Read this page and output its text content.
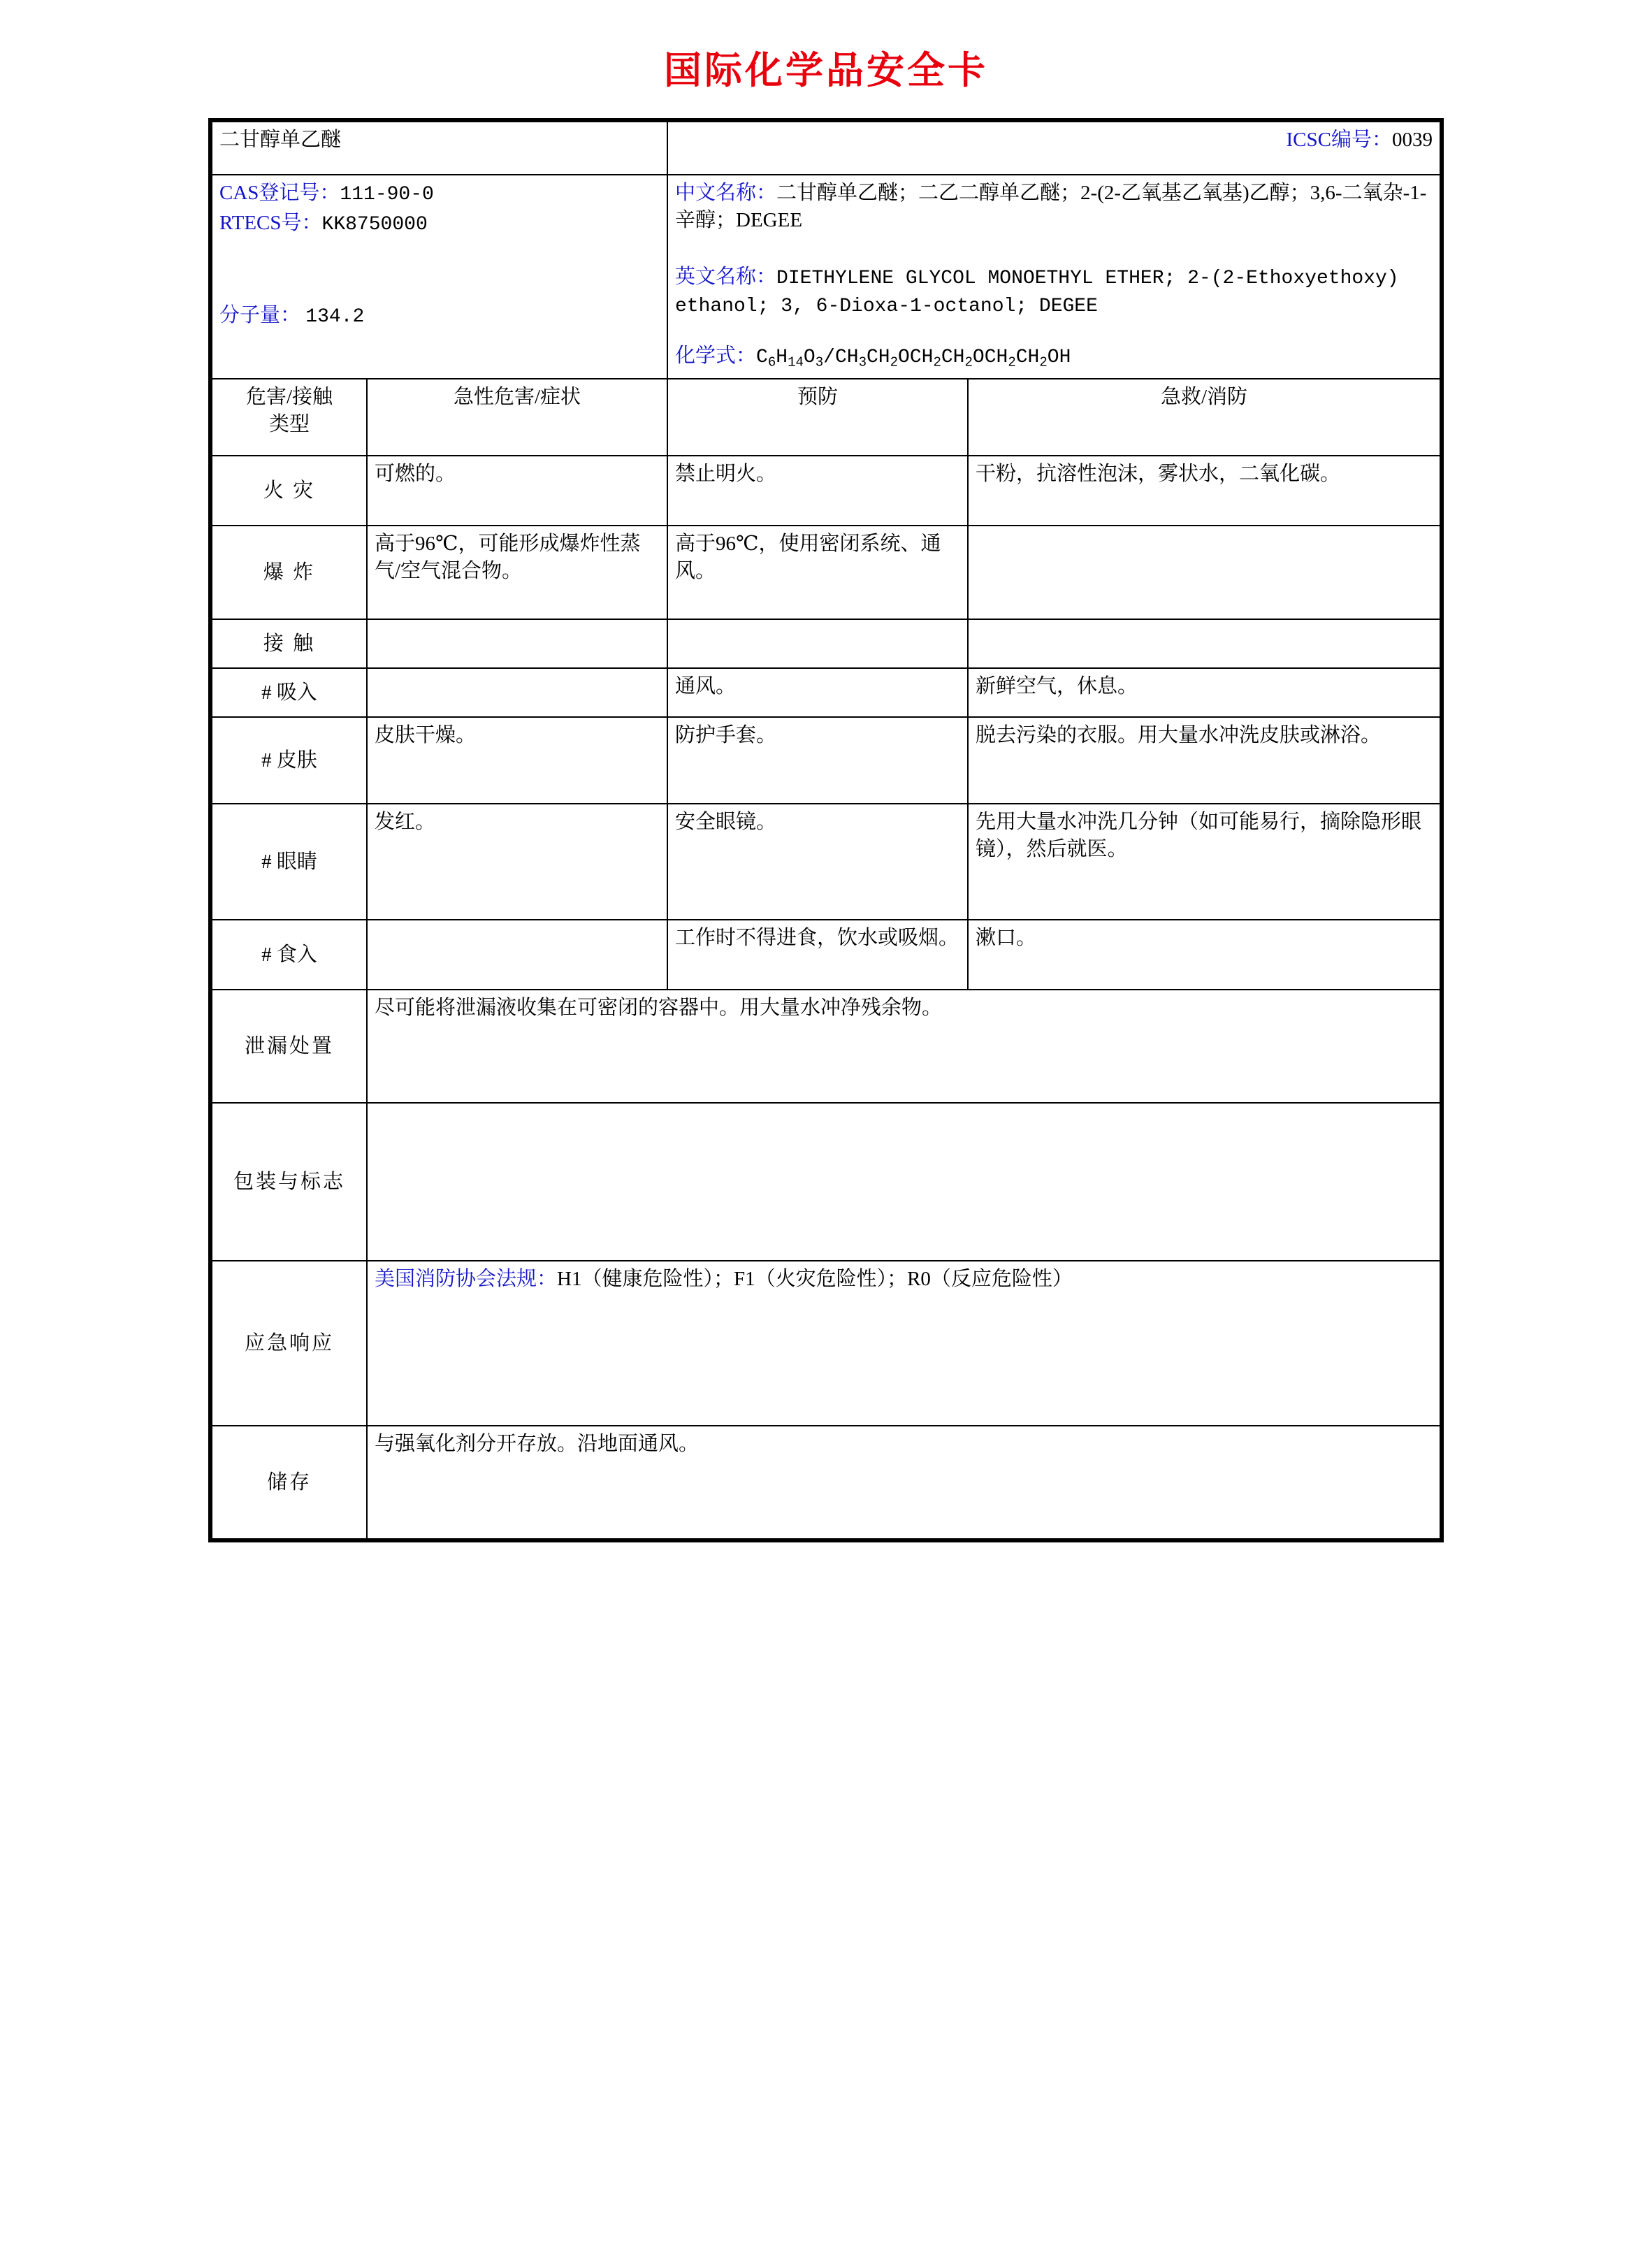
国际化学品安全卡
二甘醇单乙醚		ICSC编号：0039	

CAS登记号：111-90-0
RTECS号：KK8750000
分子量： 134.2

中文名称：二甘醇单乙醚；二乙二醇单乙醚；2-(2-乙氧基乙氧基)乙醇；3,6-二氧杂-1-辛醇；DEGEE

英文名称：DIETHYLENE GLYCOL MONOETHYL ETHER; 2-(2-Ethoxyethoxy) ethanol; 3, 6-Dioxa-1-octanol; DEGEE

化学式：$C_6H_{14}O_3/CH_3CH_2OCH_2CH_2OCH_2CH_2OH$

危害/接触
类型	急性危害/症状	预防	急救/消防
火 灾	可燃的。	禁止明火。	干粉，抗溶性泡沫，雾状水，二氧化碳。
爆 炸	高于96℃，可能形成爆炸性蒸气/空气混合物。	高于96℃，使用密闭系统、通风。	
接 触			
# 吸入		通风。	新鲜空气，休息。
# 皮肤	皮肤干燥。	防护手套。	脱去污染的衣服。用大量水冲洗皮肤或淋浴。
# 眼睛	发红。	安全眼镜。	先用大量水冲洗几分钟（如可能易行，摘除隐形眼镜），然后就医。
# 食入		工作时不得进食，饮水或吸烟。	漱口。
泄漏处置	尽可能将泄漏液收集在可密闭的容器中。用大量水冲净残余物。		
包装与标志			
应急响应	美国消防协会法规：H1（健康危险性）；F1（火灾危险性）；R0（反应危险性）		
储存	与强氧化剂分开存放。沿地面通风。		
